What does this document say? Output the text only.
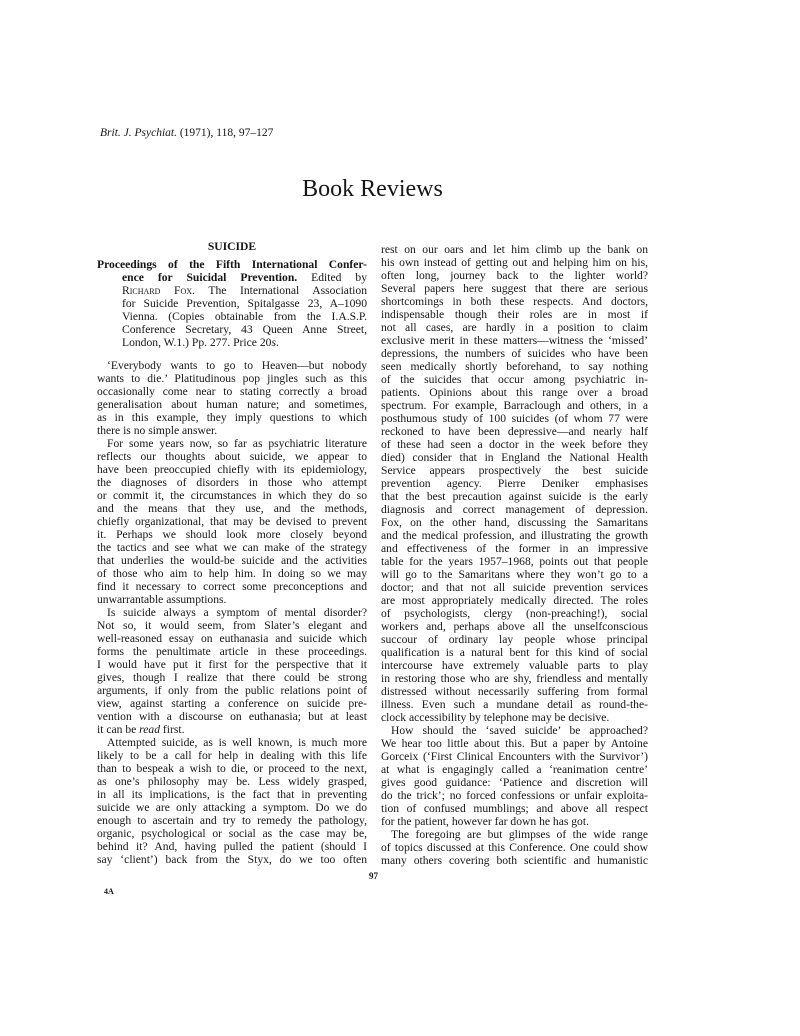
Brit. J. Psychiat. (1971), 118, 97–127
Book Reviews
SUICIDE
Proceedings of the Fifth International Confer-
ence for Suicidal Prevention. Edited by
Richard Fox. The International Association
for Suicide Prevention, Spitalgasse 23, A–1090
Vienna. (Copies obtainable from the I.A.S.P.
Conference Secretary, 43 Queen Anne Street,
London, W.1.) Pp. 277. Price 20s.
‘Everybody wants to go to Heaven—but nobody
wants to die.’ Platitudinous pop jingles such as this
occasionally come near to stating correctly a broad
generalisation about human nature; and sometimes,
as in this example, they imply questions to which
there is no simple answer.
For some years now, so far as psychiatric literature
reflects our thoughts about suicide, we appear to
have been preoccupied chiefly with its epidemiology,
the diagnoses of disorders in those who attempt
or commit it, the circumstances in which they do so
and the means that they use, and the methods,
chiefly organizational, that may be devised to prevent
it. Perhaps we should look more closely beyond
the tactics and see what we can make of the strategy
that underlies the would-be suicide and the activities
of those who aim to help him. In doing so we may
find it necessary to correct some preconceptions and
unwarrantable assumptions.
Is suicide always a symptom of mental disorder?
Not so, it would seem, from Slater’s elegant and
well-reasoned essay on euthanasia and suicide which
forms the penultimate article in these proceedings.
I would have put it first for the perspective that it
gives, though I realize that there could be strong
arguments, if only from the public relations point of
view, against starting a conference on suicide pre-
vention with a discourse on euthanasia; but at least
it can be read first.
Attempted suicide, as is well known, is much more
likely to be a call for help in dealing with this life
than to bespeak a wish to die, or proceed to the next,
as one’s philosophy may be. Less widely grasped,
in all its implications, is the fact that in preventing
suicide we are only attacking a symptom. Do we do
enough to ascertain and try to remedy the pathology,
organic, psychological or social as the case may be,
behind it? And, having pulled the patient (should I
say ‘client’) back from the Styx, do we too often
rest on our oars and let him climb up the bank on
his own instead of getting out and helping him on his,
often long, journey back to the lighter world?
Several papers here suggest that there are serious
shortcomings in both these respects. And doctors,
indispensable though their roles are in most if
not all cases, are hardly in a position to claim
exclusive merit in these matters—witness the ‘missed’
depressions, the numbers of suicides who have been
seen medically shortly beforehand, to say nothing
of the suicides that occur among psychiatric in-
patients. Opinions about this range over a broad
spectrum. For example, Barraclough and others, in a
posthumous study of 100 suicides (of whom 77 were
reckoned to have been depressive—and nearly half
of these had seen a doctor in the week before they
died) consider that in England the National Health
Service appears prospectively the best suicide
prevention agency. Pierre Deniker emphasises
that the best precaution against suicide is the early
diagnosis and correct management of depression.
Fox, on the other hand, discussing the Samaritans
and the medical profession, and illustrating the growth
and effectiveness of the former in an impressive
table for the years 1957–1968, points out that people
will go to the Samaritans where they won’t go to a
doctor; and that not all suicide prevention services
are most appropriately medically directed. The roles
of psychologists, clergy (non-preaching!), social
workers and, perhaps above all the unselfconscious
succour of ordinary lay people whose principal
qualification is a natural bent for this kind of social
intercourse have extremely valuable parts to play
in restoring those who are shy, friendless and mentally
distressed without necessarily suffering from formal
illness. Even such a mundane detail as round-the-
clock accessibility by telephone may be decisive.
How should the ‘saved suicide’ be approached?
We hear too little about this. But a paper by Antoine
Gorceix (‘First Clinical Encounters with the Survivor’)
at what is engagingly called a ‘reanimation centre’
gives good guidance: ‘Patience and discretion will
do the trick’; no forced confessions or unfair exploita-
tion of confused mumblings; and above all respect
for the patient, however far down he has got.
The foregoing are but glimpses of the wide range
of topics discussed at this Conference. One could show
many others covering both scientific and humanistic
97
4A
